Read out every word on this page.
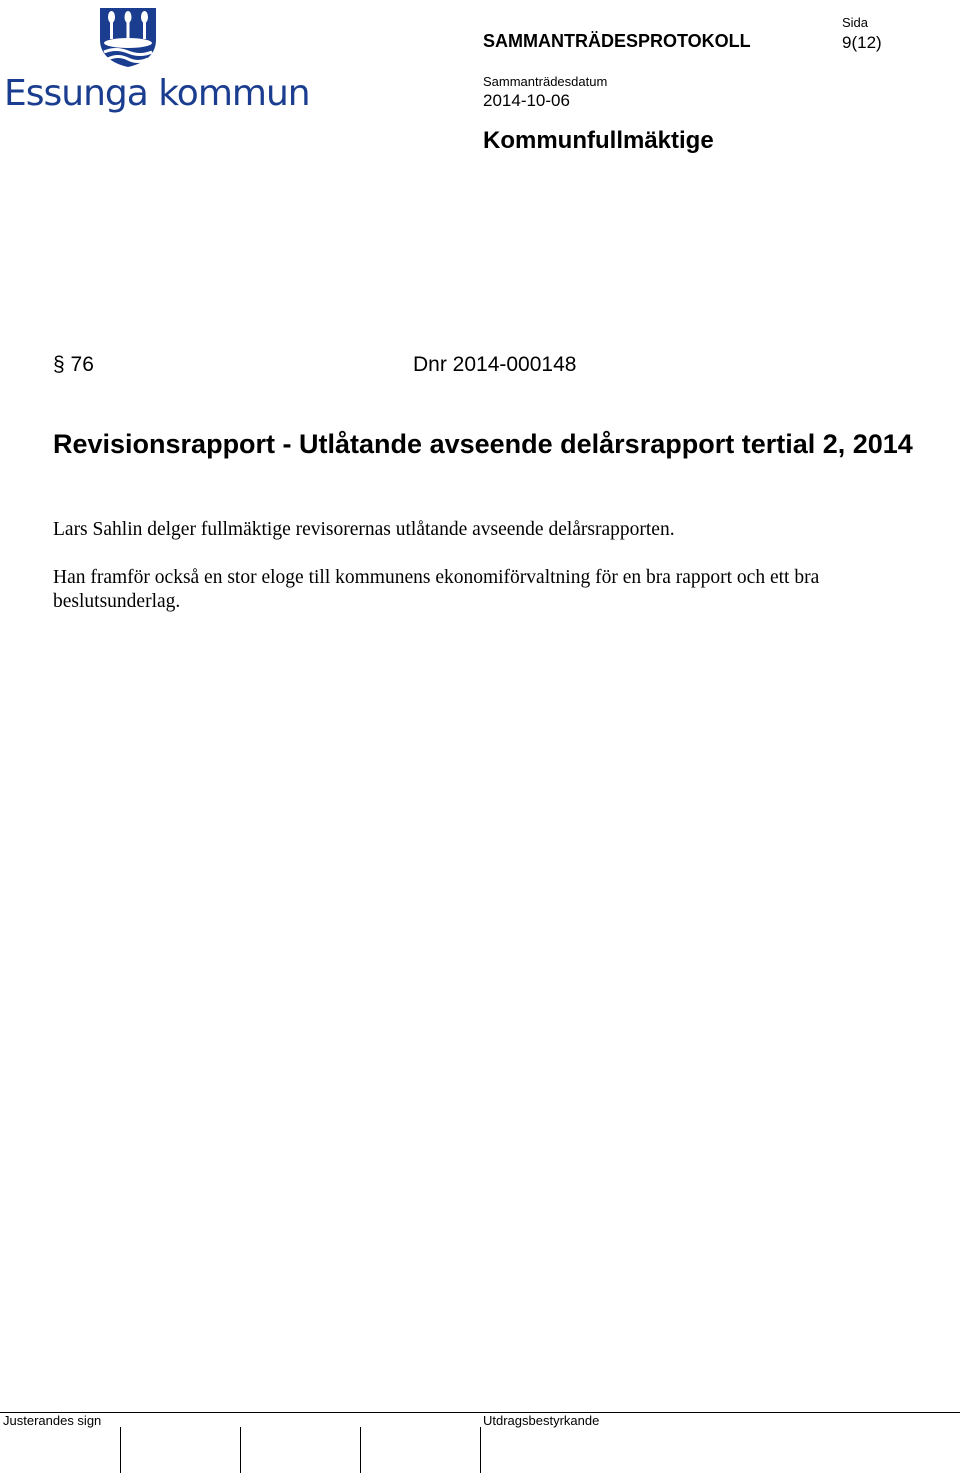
Essunga kommun
SAMMANTRÄDESPROTOKOLL
Sida
9(12)
Sammanträdesdatum
2014-10-06
Kommunfullmäktige
§ 76	Dnr 2014-000148
Revisionsrapport - Utlåtande avseende delårsrapport tertial 2, 2014

Lars Sahlin delger fullmäktige revisorernas utlåtande avseende delårsrapporten.

Han framför också en stor eloge till kommunens ekonomiförvaltning för en bra rapport och ett bra beslutsunderlag.

Justerandes sign	Utdragsbestyrkande
